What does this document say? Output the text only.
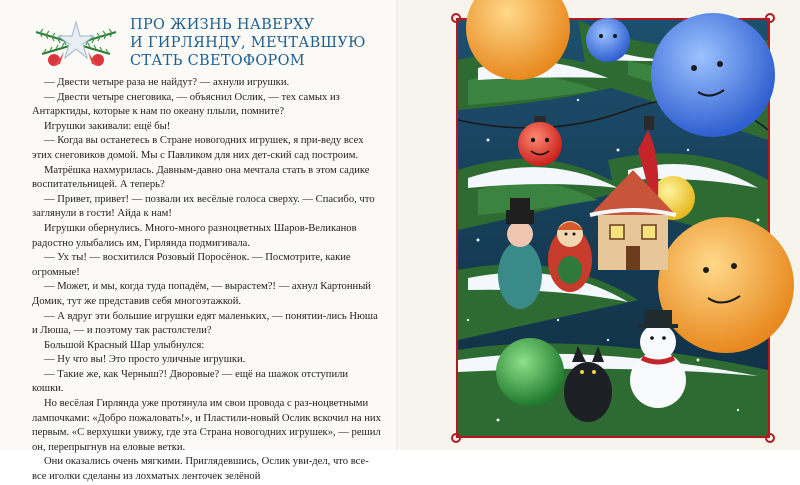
ПРО ЖИЗНЬ НАВЕРХУ
И ГИРЛЯНДУ, МЕЧТАВШУЮ
СТАТЬ СВЕТОФОРОМ

— Двести четыре раза не найдут? — ахнули игрушки.

— Двести четыре снеговика, — объяснил Ослик, — тех самых из Антарктиды, которые к нам по океану плыли, помните?

Игрушки закивали: ещё бы!

— Когда вы останетесь в Стране новогодних игрушек, я при-веду всех этих снеговиков домой. Мы с Павликом для них дет-ский сад построим.

Матрёшка нахмурилась. Давным-давно она мечтала стать в этом садике воспитательницей. А теперь?

— Привет, привет! — позвали их весёлые голоса сверху. — Спасибо, что заглянули в гости! Айда к нам!

Игрушки обернулись. Много-много разноцветных Шаров-Великанов радостно улыбались им, Гирлянда подмигивала.

— Ух ты! — восхитился Розовый Поросёнок. — Посмотрите, какие огромные!

— Может, и мы, когда туда попадём, — вырастем?! — ахнул Картонный Домик, тут же представив себя многоэтажкой.

— А вдруг эти большие игрушки едят маленьких, — понятии-лись Нюша и Люша, — и поэтому так растолстели?

Большой Красный Шар улыбнулся:

— Ну что вы! Это просто уличные игрушки.

— Такие же, как Черныш?! Дворовые? — ещё на шажок отступили кошки.

Но весёлая Гирлянда уже протянула им свои провода с раз-ноцветными лампочками: «Добро пожаловать!», и Пластили-новый Ослик вскочил на них первым. «С верхушки увижу, где эта Страна новогодних игрушек», — решил он, перепрыгнув на еловые ветки.

Они оказались очень мягкими. Приглядевшись, Ослик уви-дел, что все-все иголки сделаны из лохматых ленточек зелёной
